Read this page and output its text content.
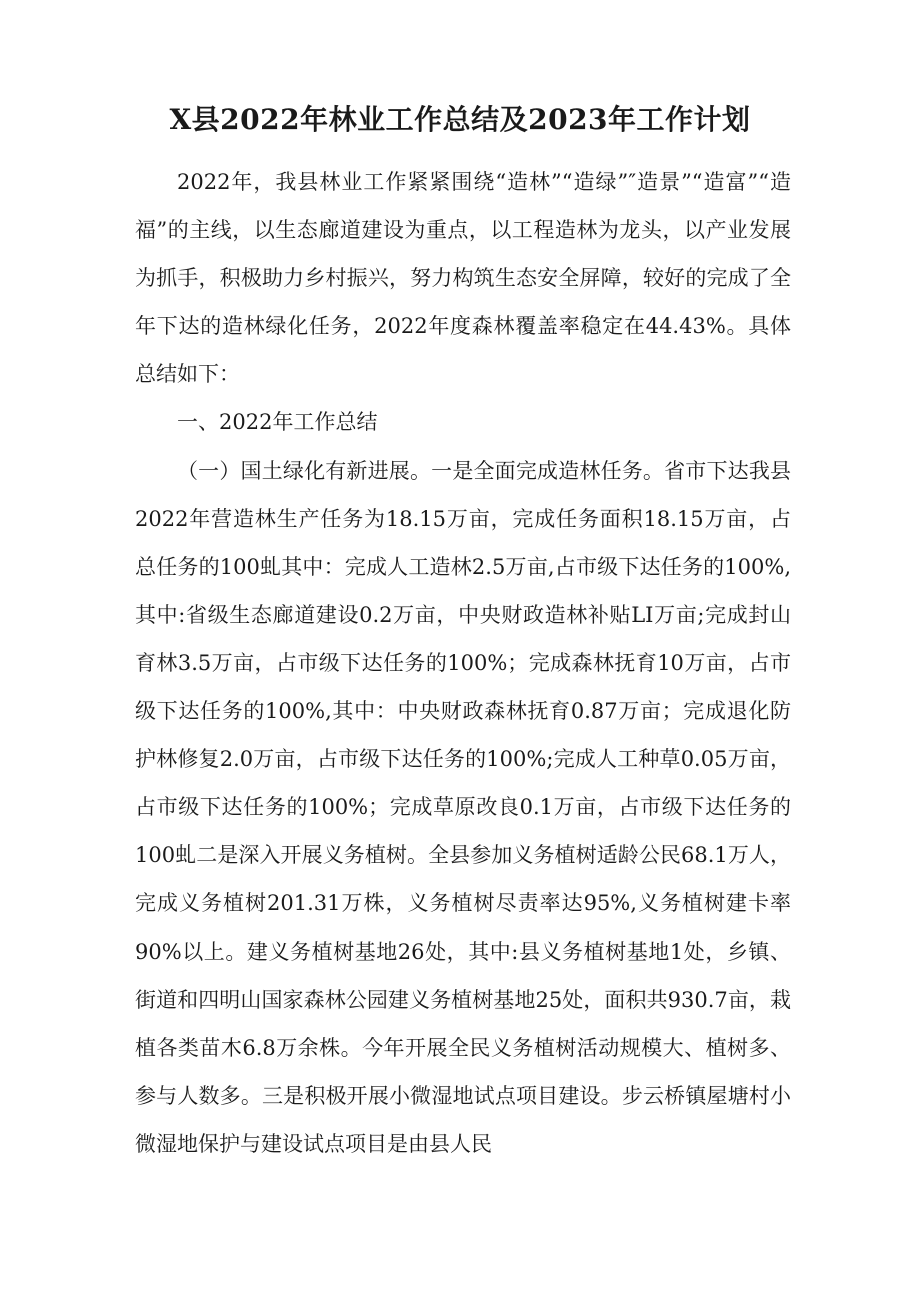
X县2022年林业工作总结及2023年工作计划

2022年，我县林业工作紧紧围绕“造林”“造绿”″造景”“造富”“造福”的主线，以生态廊道建设为重点，以工程造林为龙头，以产业发展为抓手，积极助力乡村振兴，努力构筑生态安全屏障，较好的完成了全年下达的造林绿化任务，2022年度森林覆盖率稳定在44.43%。具体总结如下：

一、2022年工作总结

（一）国土绿化有新进展。一是全面完成造林任务。省市下达我县2022年营造林生产任务为18.15万亩，完成任务面积18.15万亩，占总任务的100虬其中：完成人工造林2.5万亩,占市级下达任务的100%,其中:省级生态廊道建设0.2万亩，中央财政造林补贴LI万亩;完成封山育林3.5万亩，占市级下达任务的100%；完成森林抚育10万亩，占市级下达任务的100%,其中：中央财政森林抚育0.87万亩；完成退化防护林修复2.0万亩，占市级下达任务的100%;完成人工种草0.05万亩，占市级下达任务的100%；完成草原改良0.1万亩，占市级下达任务的100虬二是深入开展义务植树。全县参加义务植树适龄公民68.1万人，完成义务植树201.31万株，义务植树尽责率达95%,义务植树建卡率90%以上。建义务植树基地26处，其中:县义务植树基地1处，乡镇、街道和四明山国家森林公园建义务植树基地25处，面积共930.7亩，栽植各类苗木6.8万余株。今年开展全民义务植树活动规模大、植树多、参与人数多。三是积极开展小微湿地试点项目建设。步云桥镇屋塘村小微湿地保护与建设试点项目是由县人民
